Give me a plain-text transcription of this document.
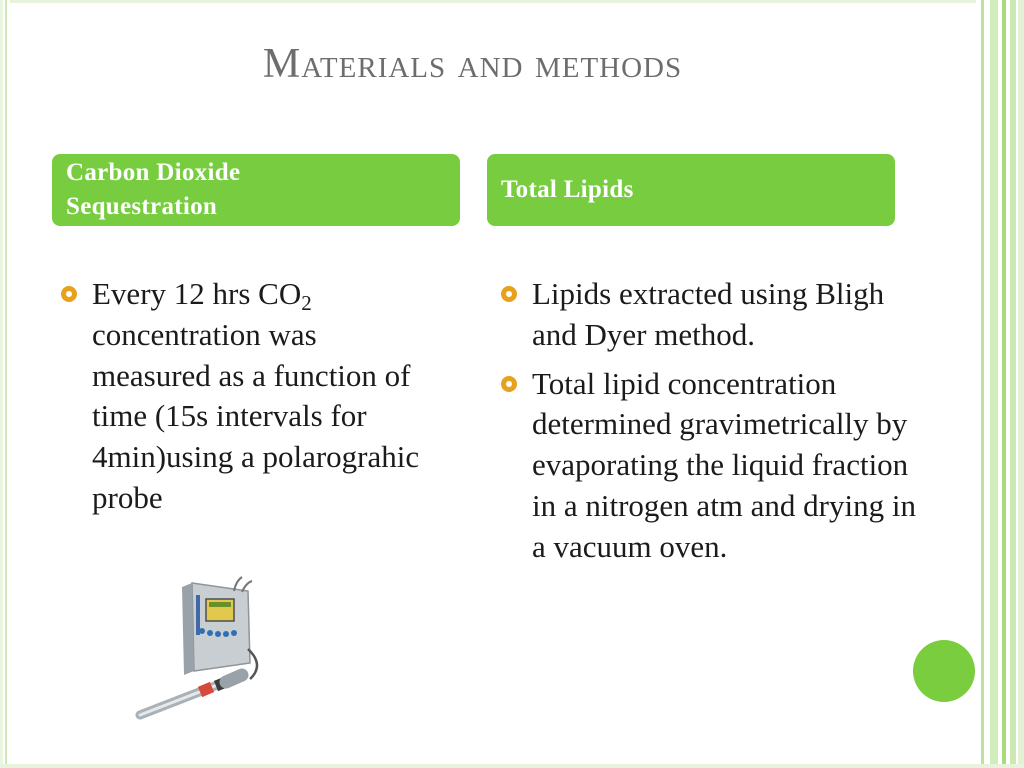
Materials and methods
Carbon Dioxide Sequestration
Total Lipids
Every 12 hrs $CO_2$ concentration was measured as a function of time (15s intervals for 4min)using a polarograhic probe
Lipids extracted using Bligh and Dyer method.
Total lipid concentration determined gravimetrically by evaporating the liquid fraction in a nitrogen atm and drying in a vacuum oven.
